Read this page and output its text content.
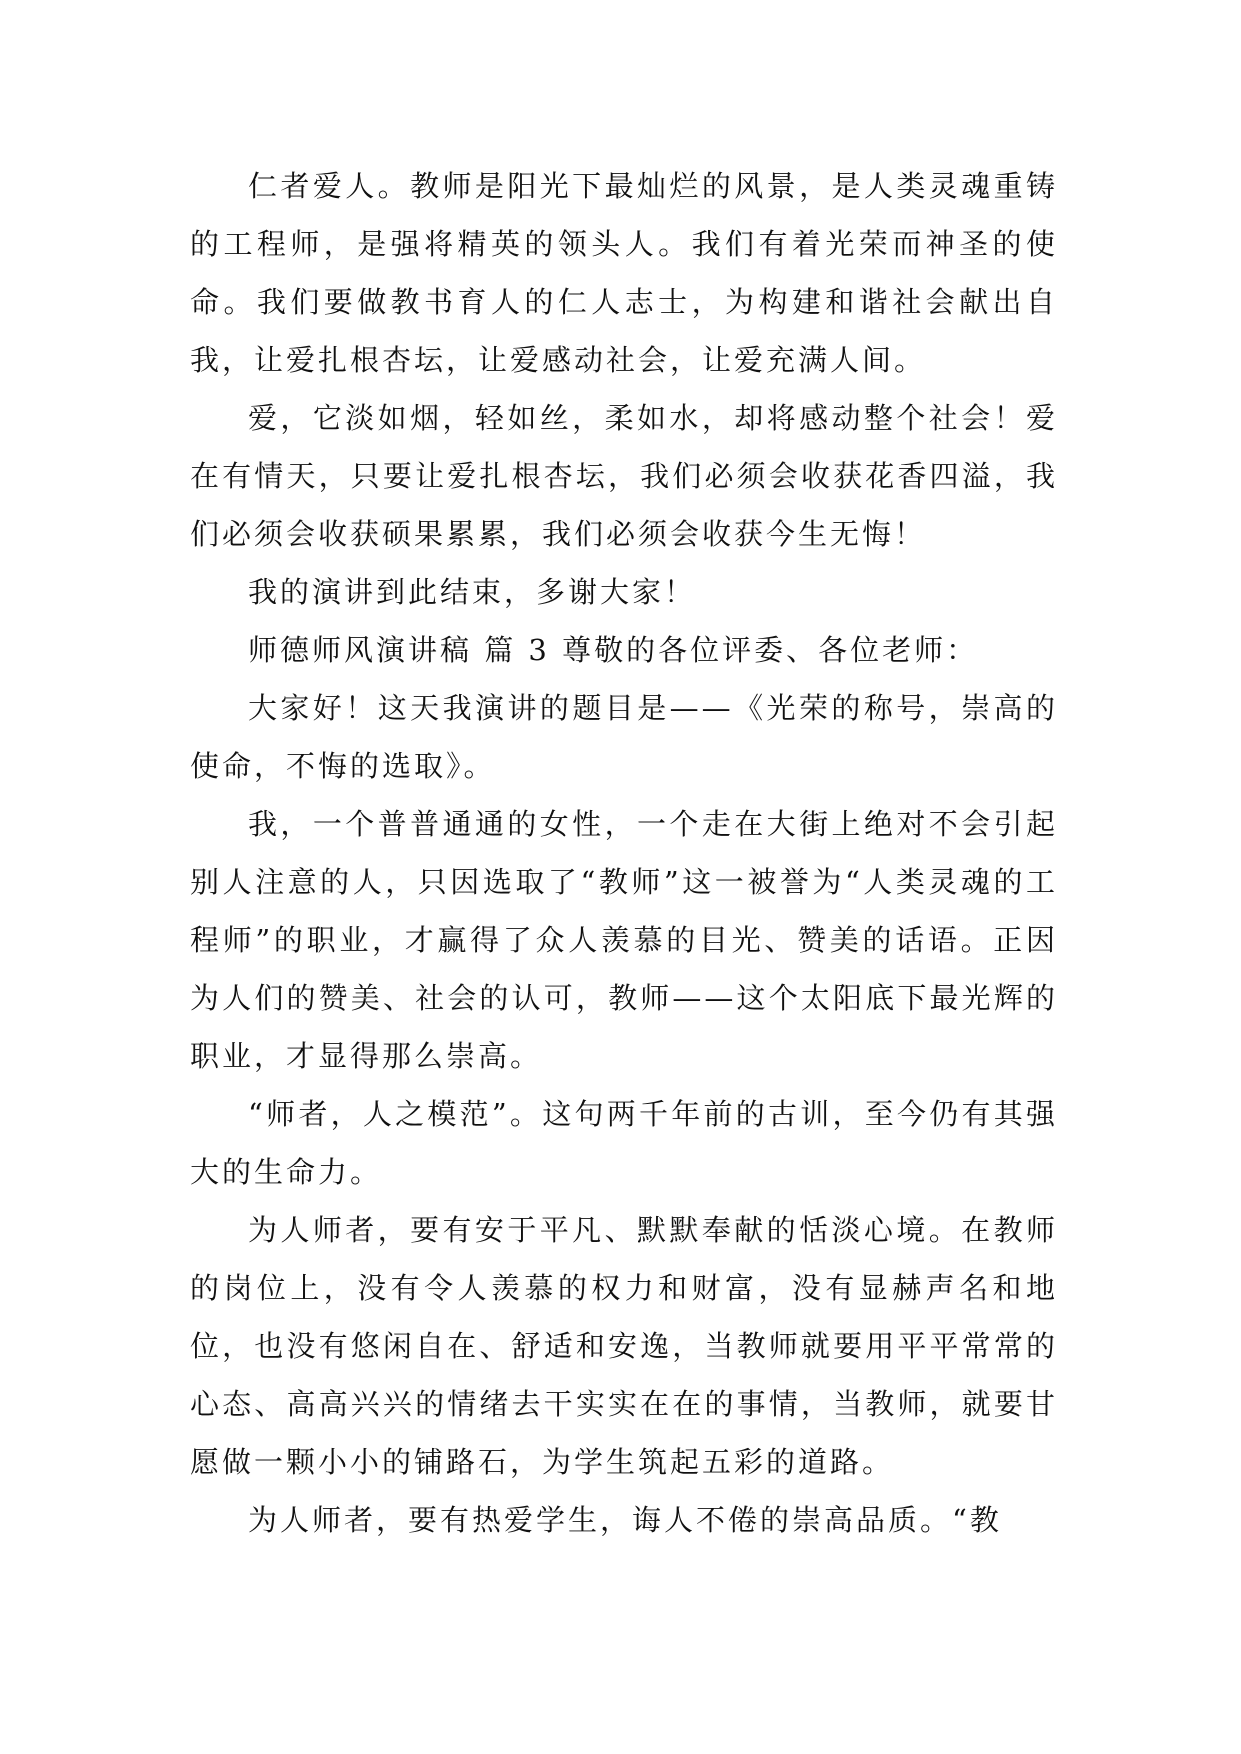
仁者爱人。教师是阳光下最灿烂的风景，是人类灵魂重铸的工程师，是强将精英的领头人。我们有着光荣而神圣的使命。我们要做教书育人的仁人志士，为构建和谐社会献出自我，让爱扎根杏坛，让爱感动社会，让爱充满人间。

爱，它淡如烟，轻如丝，柔如水，却将感动整个社会！爱在有情天，只要让爱扎根杏坛，我们必须会收获花香四溢，我们必须会收获硕果累累，我们必须会收获今生无悔！

我的演讲到此结束，多谢大家！

师德师风演讲稿 篇 3 尊敬的各位评委、各位老师：

大家好！这天我演讲的题目是——《光荣的称号，崇高的使命，不悔的选取》。

我，一个普普通通的女性，一个走在大街上绝对不会引起别人注意的人，只因选取了“教师”这一被誉为“人类灵魂的工程师”的职业，才赢得了众人羡慕的目光、赞美的话语。正因为人们的赞美、社会的认可，教师——这个太阳底下最光辉的职业，才显得那么崇高。

“师者，人之模范”。这句两千年前的古训，至今仍有其强大的生命力。

为人师者，要有安于平凡、默默奉献的恬淡心境。在教师的岗位上，没有令人羡慕的权力和财富，没有显赫声名和地位，也没有悠闲自在、舒适和安逸，当教师就要用平平常常的心态、高高兴兴的情绪去干实实在在的事情，当教师，就要甘愿做一颗小小的铺路石，为学生筑起五彩的道路。

为人师者，要有热爱学生，诲人不倦的崇高品质。“教
